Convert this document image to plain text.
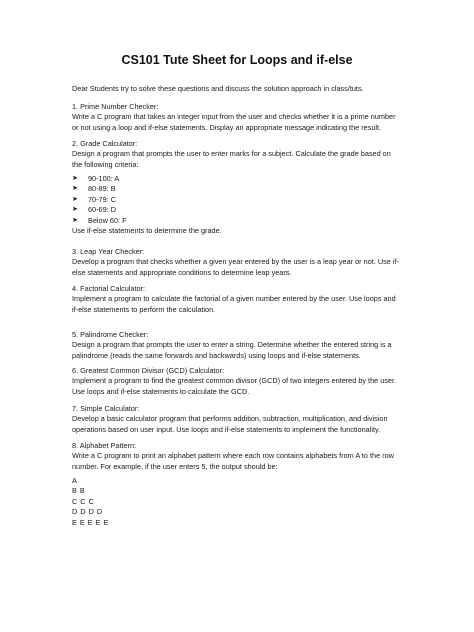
CS101 Tute Sheet for Loops and if-else
Dear Students try to solve these questions and discuss the solution approach in class/tuts.
1. Prime Number Checker:
Write a C program that takes an integer input from the user and checks whether it is a prime number
or not using a loop and if-else statements. Display an appropriate message indicating the result.
2. Grade Calculator:
Design a program that prompts the user to enter marks for a subject. Calculate the grade based on
the following criteria:
➤ 90-100: A
➤ 80-89: B
➤ 70-79: C
➤ 60-69: D
➤ Below 60: F
Use if-else statements to determine the grade.
3. Leap Year Checker:
Develop a program that checks whether a given year entered by the user is a leap year or not. Use if-
else statements and appropriate conditions to determine leap years.
4. Factorial Calculator:
Implement a program to calculate the factorial of a given number entered by the user. Use loops and
if-else statements to perform the calculation.
5. Palindrome Checker:
Design a program that prompts the user to enter a string. Determine whether the entered string is a
palindrome (reads the same forwards and backwards) using loops and if-else statements.
6. Greatest Common Divisor (GCD) Calculator:
Implement a program to find the greatest common divisor (GCD) of two integers entered by the user.
Use loops and if-else statements to calculate the GCD.
7. Simple Calculator:
Develop a basic calculator program that performs addition, subtraction, multiplication, and division
operations based on user input. Use loops and if-else statements to implement the functionality.
8. Alphabet Pattern:
Write a C program to print an alphabet pattern where each row contains alphabets from A to the row
number. For example, if the user enters 5, the output should be:
A
B B
C C C
D D D D
E E E E E
